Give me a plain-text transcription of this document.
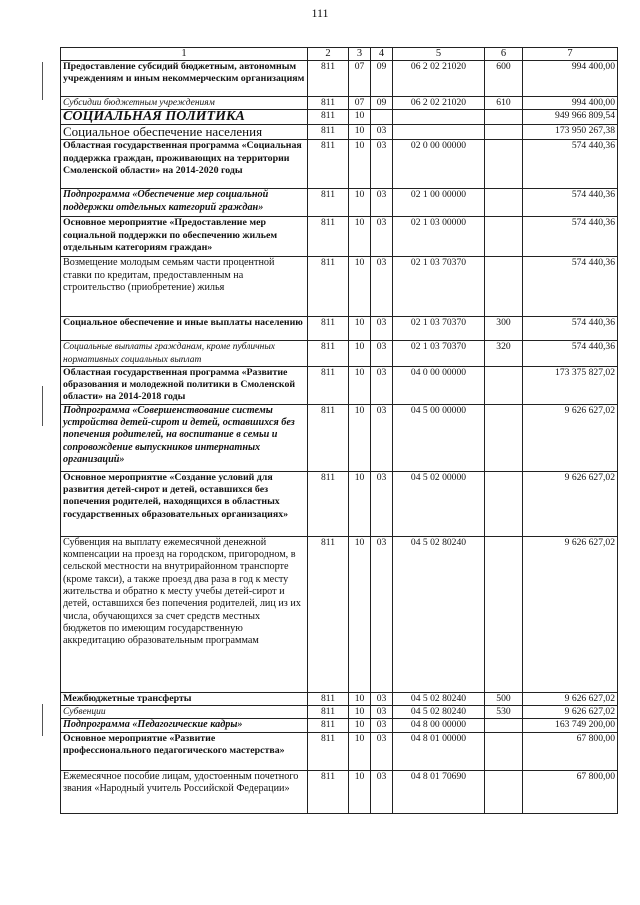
111
1	2	3	4	5	6	7
Предоставление субсидий бюджетным, автономным учреждениям и иным некоммерческим организациям	811	07	09	06 2 02 21020	600	994 400,00
Субсидии бюджетным учреждениям	811	07	09	06 2 02 21020	610	994 400,00
СОЦИАЛЬНАЯ ПОЛИТИКА	811	10				949 966 809,54
Социальное обеспечение населения	811	10	03			173 950 267,38
Областная государственная программа «Социальная поддержка граждан, проживающих на территории Смоленской области» на 2014-2020 годы	811	10	03	02 0 00 00000		574 440,36
Подпрограмма «Обеспечение мер социальной поддержки отдельных категорий граждан»	811	10	03	02 1 00 00000		574 440,36
Основное мероприятие «Предоставление мер социальной поддержки по обеспечению жильем отдельным категориям граждан»	811	10	03	02 1 03 00000		574 440,36
Возмещение молодым семьям части процентной ставки по кредитам, предоставленным на строительство (приобретение) жилья	811	10	03	02 1 03 70370		574 440,36
Социальное обеспечение и иные выплаты населению	811	10	03	02 1 03 70370	300	574 440,36
Социальные выплаты гражданам, кроме публичных нормативных социальных выплат	811	10	03	02 1 03 70370	320	574 440,36
Областная государственная программа «Развитие образования и молодежной политики в Смоленской области» на 2014-2018 годы	811	10	03	04 0 00 00000		173 375 827,02
Подпрограмма «Совершенствование системы устройства детей-сирот и детей, оставшихся без попечения родителей, на воспитание в семьи и сопровождение выпускников интернатных организаций»	811	10	03	04 5 00 00000		9 626 627,02
Основное мероприятие «Создание условий для развития детей-сирот и детей, оставшихся без попечения родителей, находящихся в областных государственных образовательных организациях»	811	10	03	04 5 02 00000		9 626 627,02
Субвенция на выплату ежемесячной денежной компенсации на проезд на городском, пригородном, в сельской местности на внутрирайонном транспорте (кроме такси), а также проезд два раза в год к месту жительства и обратно к месту учебы детей-сирот и детей, оставшихся без попечения родителей, лиц из их числа, обучающихся за счет средств местных бюджетов по имеющим государственную аккредитацию образовательным программам	811	10	03	04 5 02 80240		9 626 627,02
Межбюджетные трансферты	811	10	03	04 5 02 80240	500	9 626 627,02
Субвенции	811	10	03	04 5 02 80240	530	9 626 627,02
Подпрограмма «Педагогические кадры»	811	10	03	04 8 00 00000		163 749 200,00
Основное мероприятие «Развитие профессионального педагогического мастерства»	811	10	03	04 8 01 00000		67 800,00
Ежемесячное пособие лицам, удостоенным почетного звания «Народный учитель Российской Федерации»	811	10	03	04 8 01 70690		67 800,00
